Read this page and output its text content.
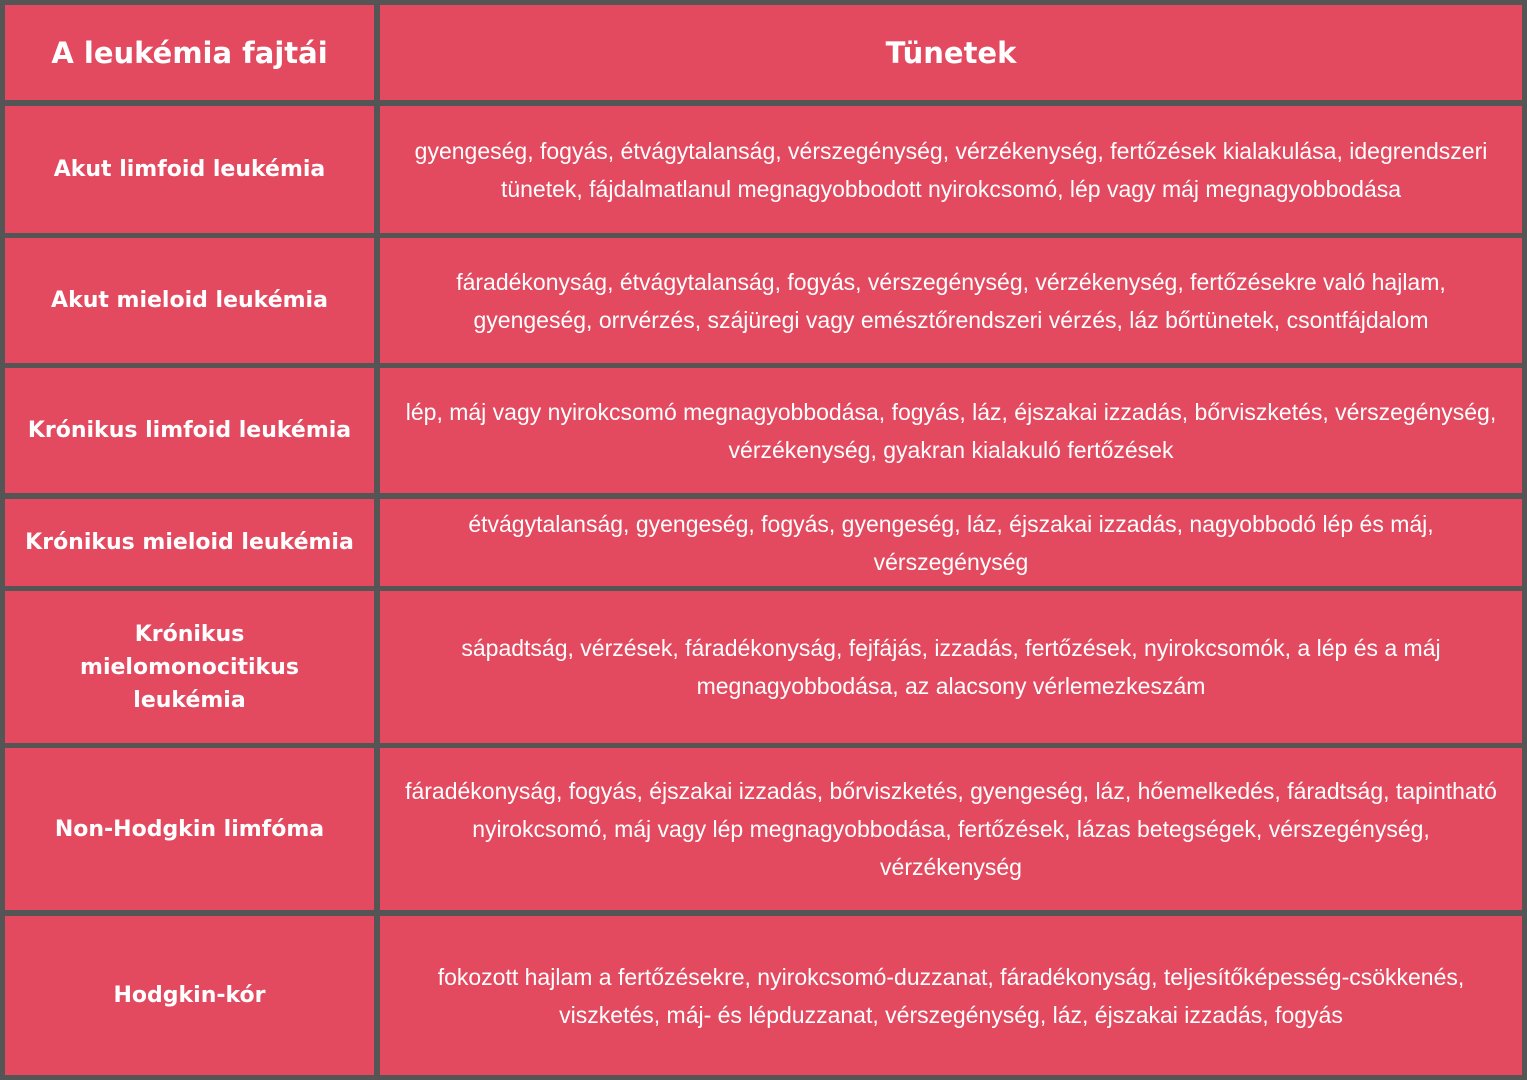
A leukémia fajtái	Tünetek
Akut limfoid leukémia
gyengeség, fogyás, étvágytalanság, vérszegénység, vérzékenység, fertőzések kialakulása, idegrendszeri tünetek, fájdalmatlanul megnagyobbodott nyirokcsomó, lép vagy máj megnagyobbodása
Akut mieloid leukémia
fáradékonyság, étvágytalanság, fogyás, vérszegénység, vérzékenység, fertőzésekre való hajlam, gyengeség, orrvérzés, szájüregi vagy emésztőrendszeri vérzés, láz bőrtünetek, csontfájdalom
Krónikus limfoid leukémia
lép, máj vagy nyirokcsomó megnagyobbodása, fogyás, láz, éjszakai izzadás, bőrviszketés, vérszegénység, vérzékenység, gyakran kialakuló fertőzések
Krónikus mieloid leukémia
étvágytalanság, gyengeség, fogyás, gyengeség, láz, éjszakai izzadás, nagyobbodó lép és máj, vérszegénység
Krónikus mielomonocitikus leukémia
sápadtság, vérzések, fáradékonyság, fejfájás, izzadás, fertőzések, nyirokcsomók, a lép és a máj megnagyobbodása, az alacsony vérlemezkeszám
Non-Hodgkin limfóma
fáradékonyság, fogyás, éjszakai izzadás, bőrviszketés, gyengeség, láz, hőemelkedés, fáradtság, tapintható nyirokcsomó, máj vagy lép megnagyobbodása, fertőzések, lázas betegségek, vérszegénység, vérzékenység
Hodgkin-kór
fokozott hajlam a fertőzésekre, nyirokcsomó-duzzanat, fáradékonyság, teljesítőképesség-csökkenés, viszketés, máj- és lépduzzanat, vérszegénység, láz, éjszakai izzadás, fogyás
